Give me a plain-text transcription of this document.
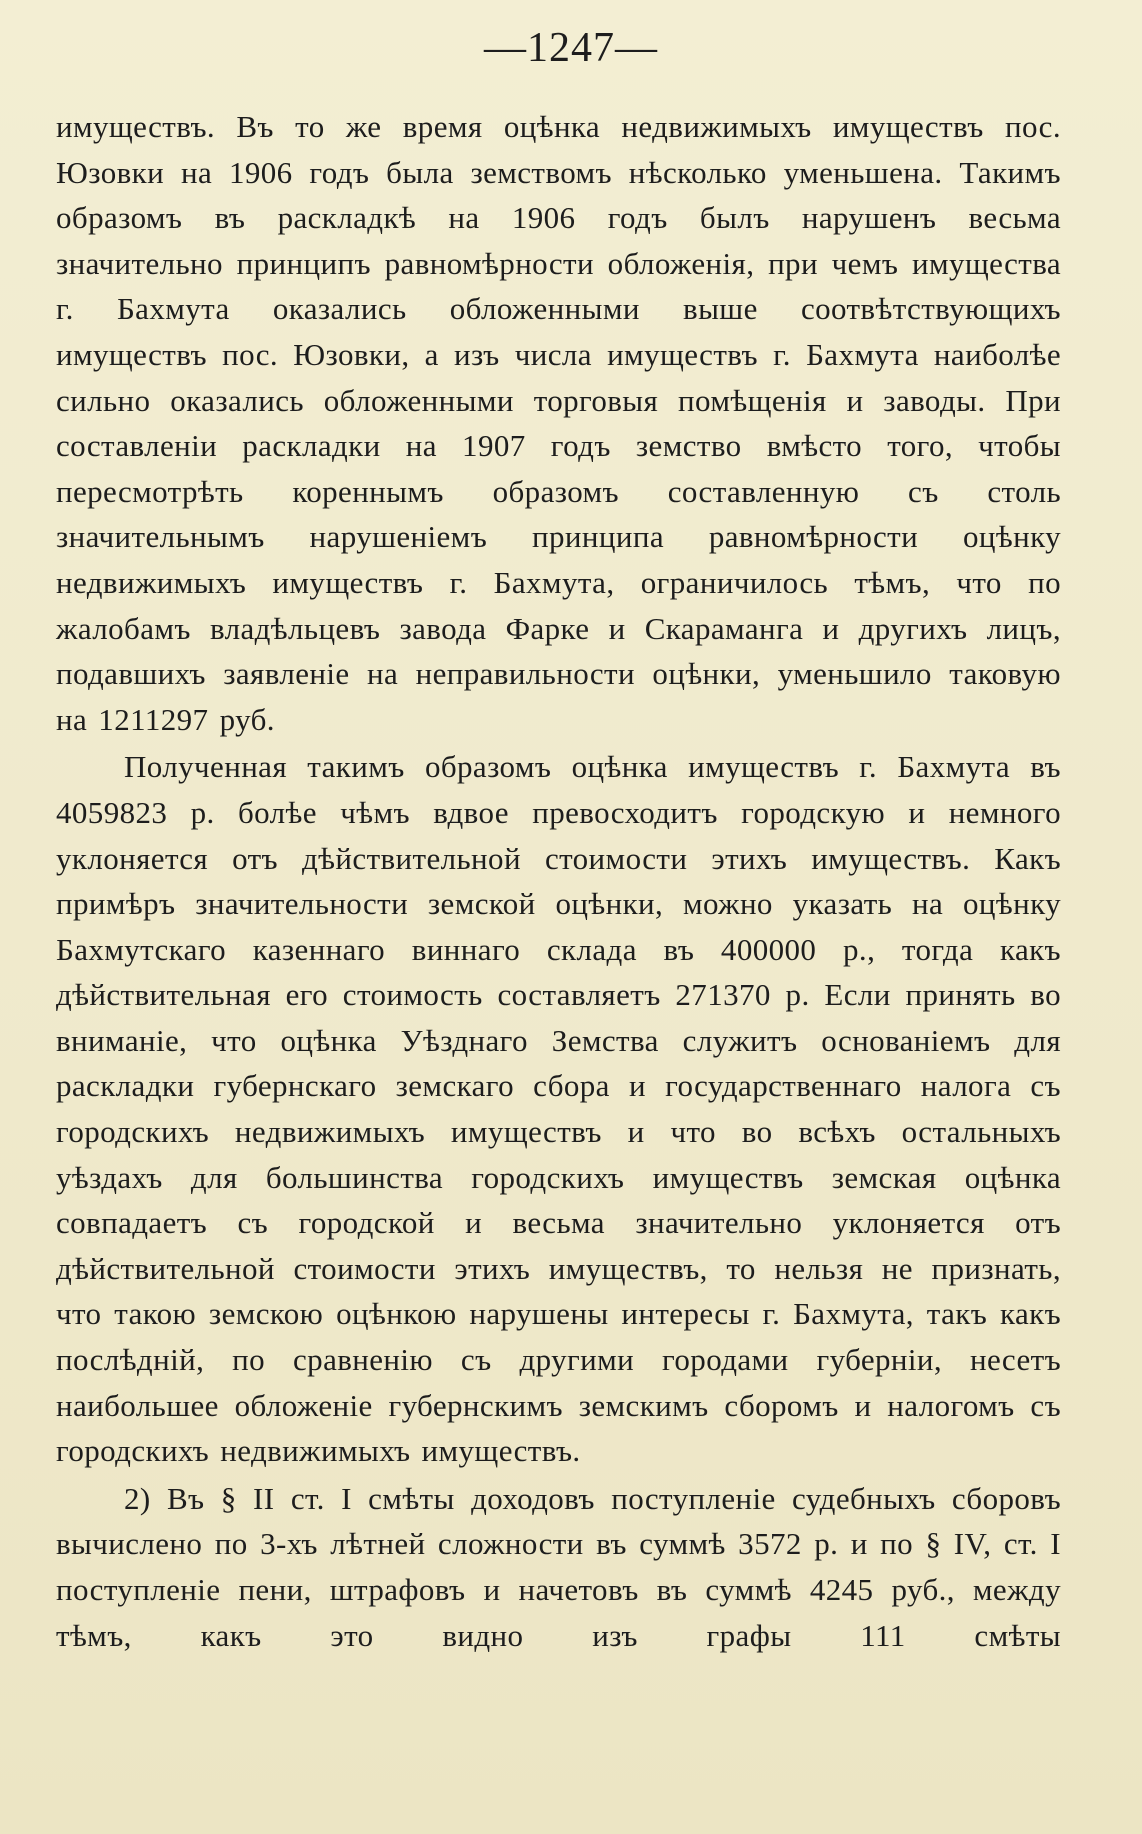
—1247—

имуществъ. Въ то же время оцѣнка недвижимыхъ имуществъ пос. Юзовки на 1906 годъ была земствомъ нѣсколько уменьшена. Такимъ образомъ въ раскладкѣ на 1906 годъ былъ нарушенъ весьма значительно принципъ равномѣрности обложенія, при чемъ имущества г. Бахмута оказались обложенными выше соотвѣтствующихъ имуществъ пос. Юзовки, а изъ числа имуществъ г. Бахмута наиболѣе сильно оказались обложенными торговыя помѣщенія и заводы. При составленіи раскладки на 1907 годъ земство вмѣсто того, чтобы пересмотрѣть кореннымъ образомъ составленную съ столь значительнымъ нарушеніемъ принципа равномѣрности оцѣнку недвижимыхъ имуществъ г. Бахмута, ограничилось тѣмъ, что по жалобамъ владѣльцевъ завода Фарке и Скараманга и другихъ лицъ, подавшихъ заявленіе на неправильности оцѣнки, уменьшило таковую на 1211297 руб.

Полученная такимъ образомъ оцѣнка имуществъ г. Бахмута въ 4059823 р. болѣе чѣмъ вдвое превосходитъ городскую и немного уклоняется отъ дѣйствительной стоимости этихъ имуществъ. Какъ примѣръ значительности земской оцѣнки, можно указать на оцѣнку Бахмутскаго казеннаго виннаго склада въ 400000 р., тогда какъ дѣйствительная его стоимость составляетъ 271370 р. Если принять во вниманіе, что оцѣнка Уѣзднаго Земства служитъ основаніемъ для раскладки губернскаго земскаго сбора и государственнаго налога съ городскихъ недвижимыхъ имуществъ и что во всѣхъ остальныхъ уѣздахъ для большинства городскихъ имуществъ земская оцѣнка совпадаетъ съ городской и весьма значительно уклоняется отъ дѣйствительной стоимости этихъ имуществъ, то нельзя не признать, что такою земскою оцѣнкою нарушены интересы г. Бахмута, такъ какъ послѣдній, по сравненію съ другими городами губерніи, несетъ наибольшее обложеніе губернскимъ земскимъ сборомъ и налогомъ съ городскихъ недвижимыхъ имуществъ.

2) Въ § II ст. I смѣты доходовъ поступленіе судебныхъ сборовъ вычислено по 3-хъ лѣтней сложности въ суммѣ 3572 р. и по § IV, ст. I поступленіе пени, штрафовъ и начетовъ въ суммѣ 4245 руб., между тѣмъ, какъ это видно изъ графы 111 смѣты
